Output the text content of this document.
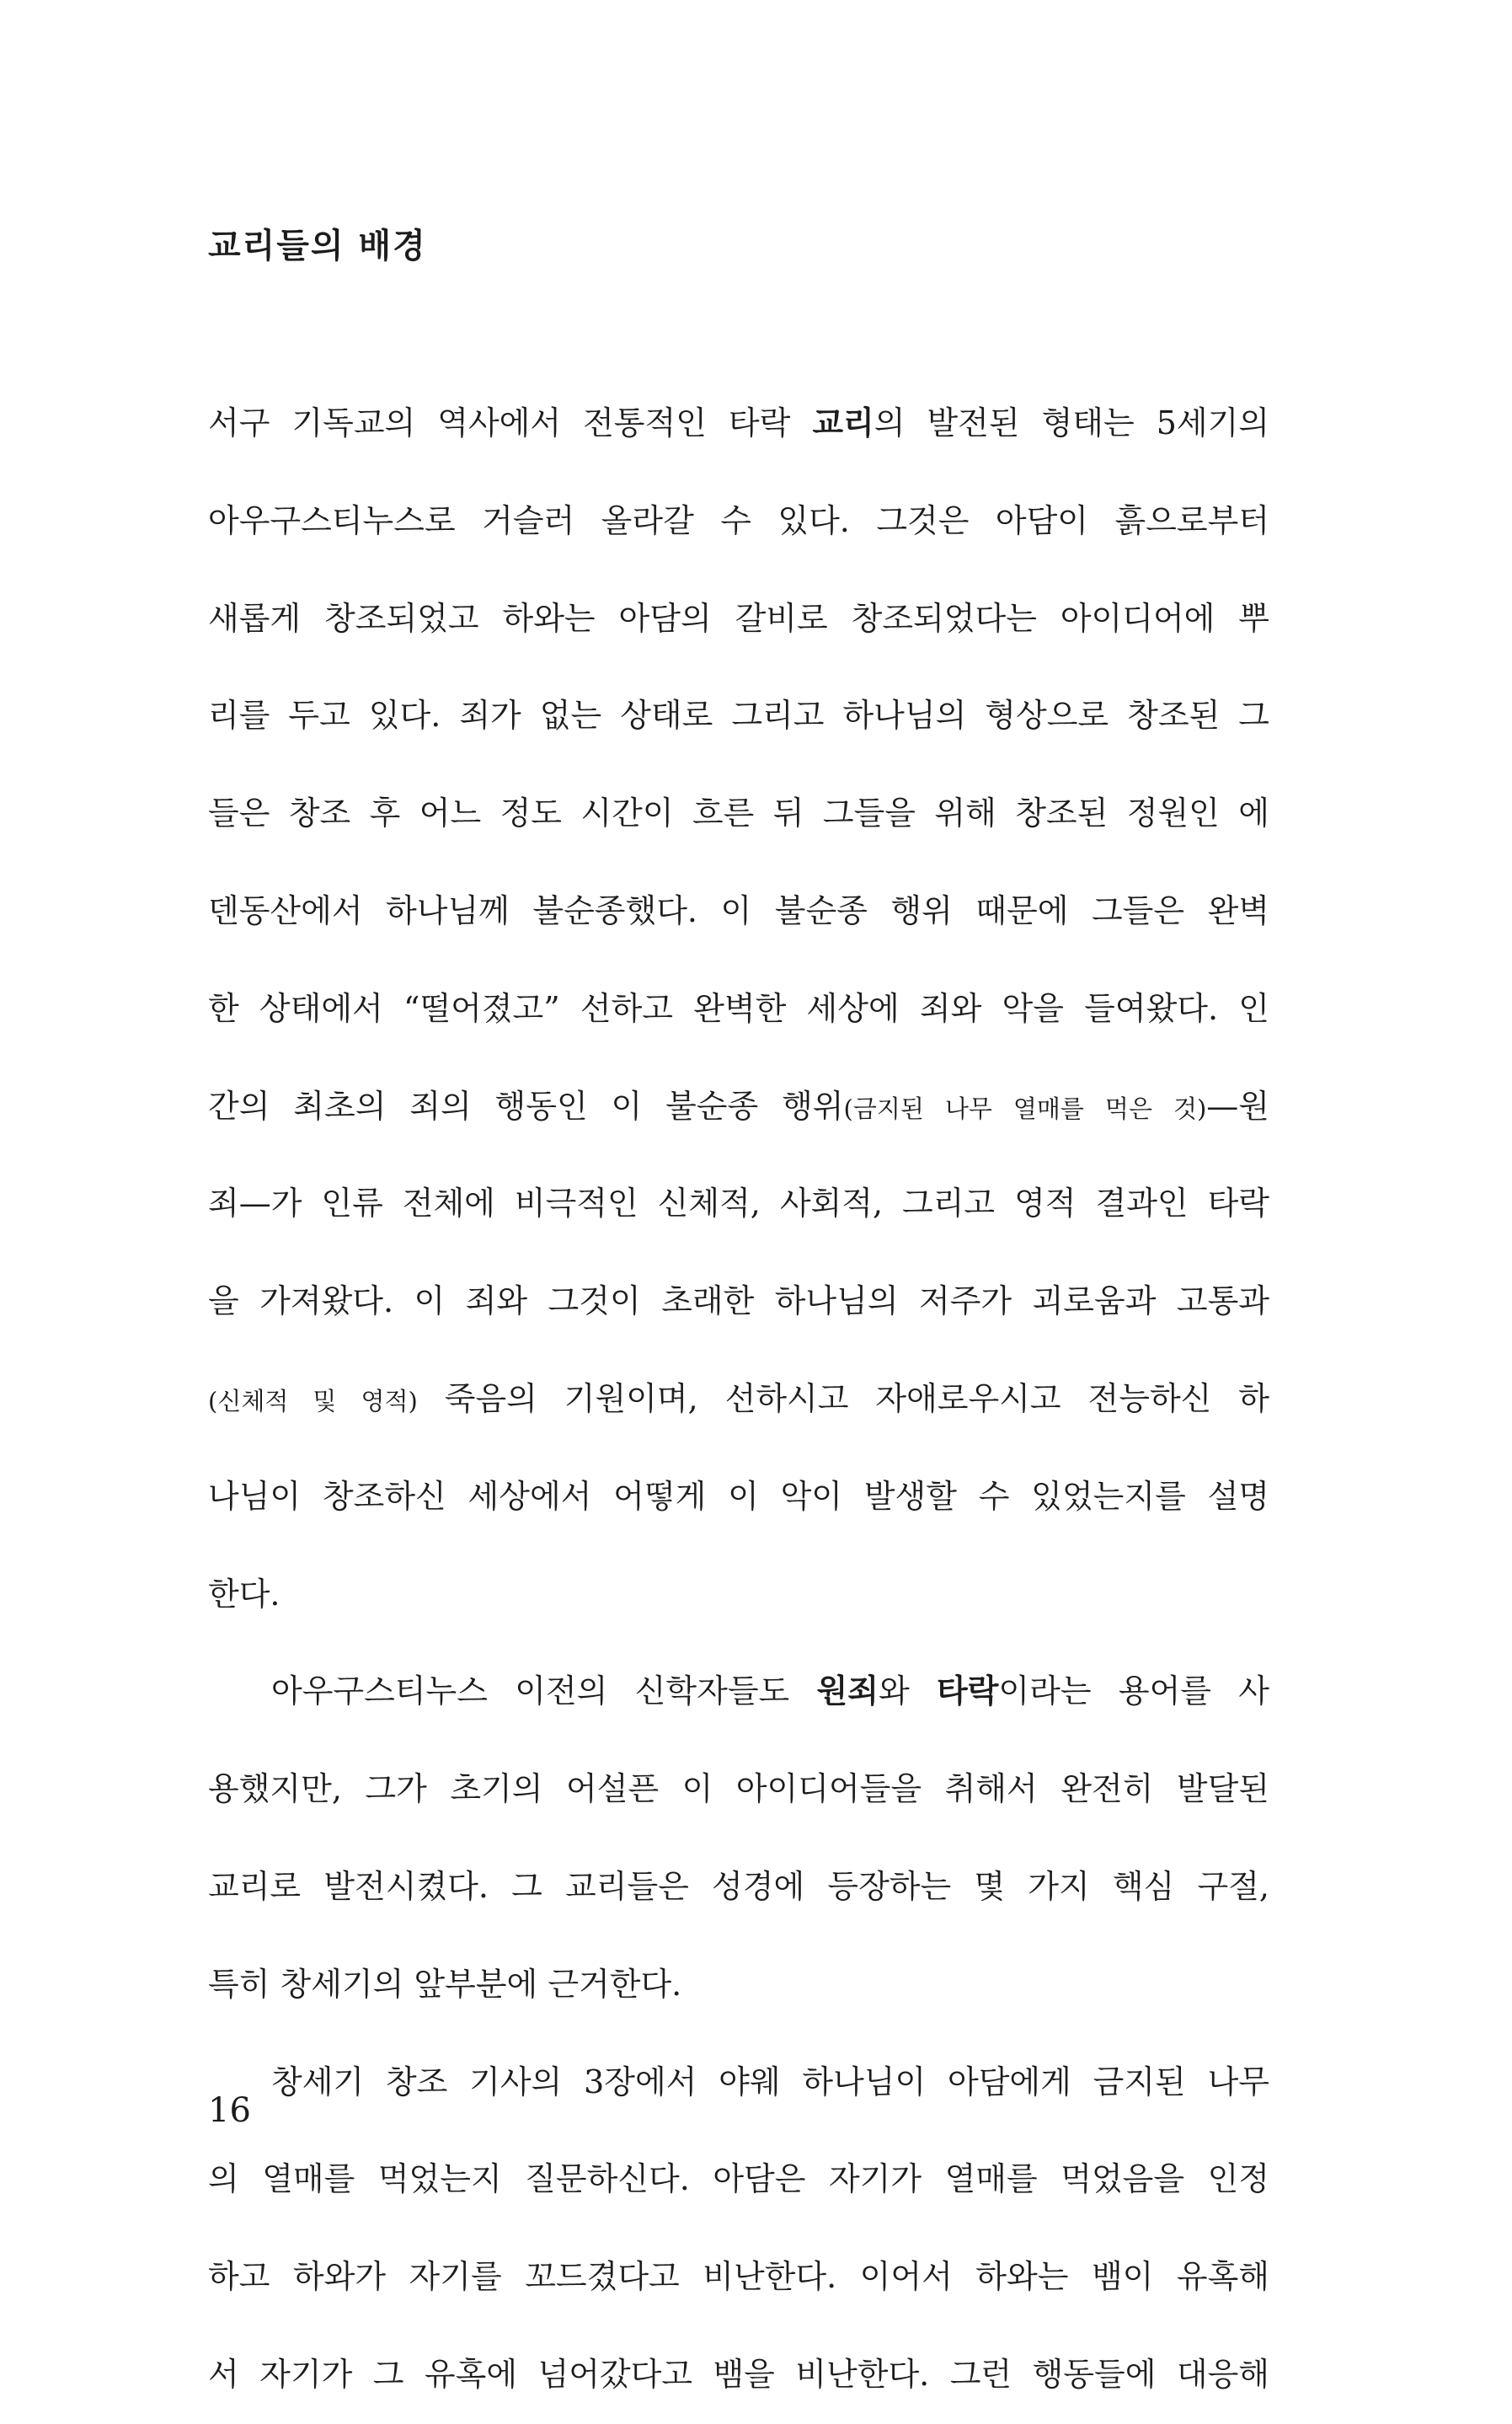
교리들의 배경
서구 기독교의 역사에서 전통적인 타락 교리의 발전된 형태는 5세기의
아우구스티누스로 거슬러 올라갈 수 있다. 그것은 아담이 흙으로부터
새롭게 창조되었고 하와는 아담의 갈비로 창조되었다는 아이디어에 뿌
리를 두고 있다. 죄가 없는 상태로 그리고 하나님의 형상으로 창조된 그
들은 창조 후 어느 정도 시간이 흐른 뒤 그들을 위해 창조된 정원인 에
덴동산에서 하나님께 불순종했다. 이 불순종 행위 때문에 그들은 완벽
한 상태에서 “떨어졌고” 선하고 완벽한 세상에 죄와 악을 들여왔다. 인
간의 최초의 죄의 행동인 이 불순종 행위(금지된 나무 열매를 먹은 것)—원
죄—가 인류 전체에 비극적인 신체적, 사회적, 그리고 영적 결과인 타락
을 가져왔다. 이 죄와 그것이 초래한 하나님의 저주가 괴로움과 고통과
(신체적 및 영적) 죽음의 기원이며, 선하시고 자애로우시고 전능하신 하
나님이 창조하신 세상에서 어떻게 이 악이 발생할 수 있었는지를 설명
한다.
아우구스티누스 이전의 신학자들도 원죄와 타락이라는 용어를 사
용했지만, 그가 초기의 어설픈 이 아이디어들을 취해서 완전히 발달된
교리로 발전시켰다. 그 교리들은 성경에 등장하는 몇 가지 핵심 구절,
특히 창세기의 앞부분에 근거한다.
창세기 창조 기사의 3장에서 야웨 하나님이 아담에게 금지된 나무
의 열매를 먹었는지 질문하신다. 아담은 자기가 열매를 먹었음을 인정
하고 하와가 자기를 꼬드겼다고 비난한다. 이어서 하와는 뱀이 유혹해
서 자기가 그 유혹에 넘어갔다고 뱀을 비난한다. 그런 행동들에 대응해
16
